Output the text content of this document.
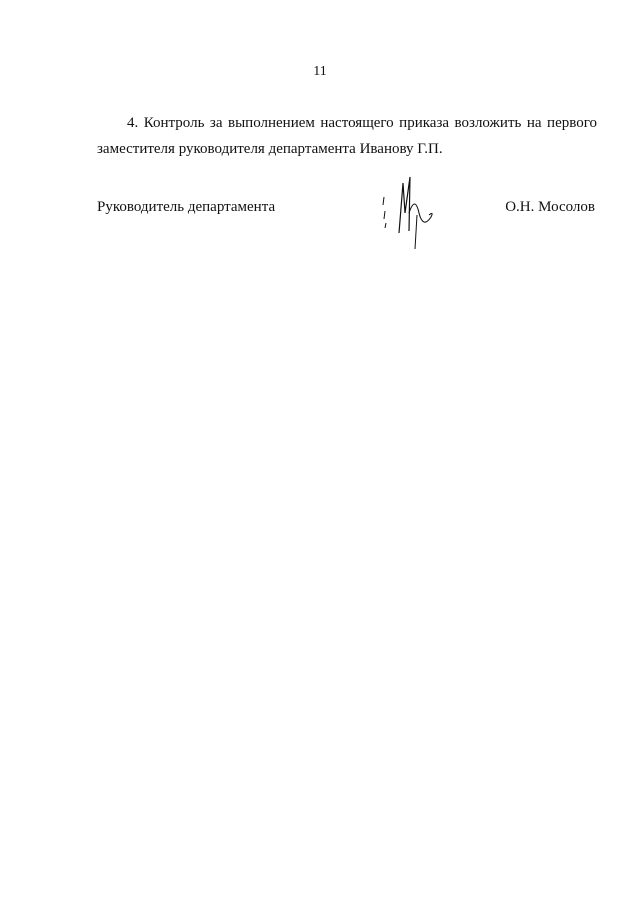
11

4. Контроль за выполнением настоящего приказа возложить на первого заместителя руководителя департамента Иванову Г.П.

Руководитель департамента	О.Н. Мосолов
